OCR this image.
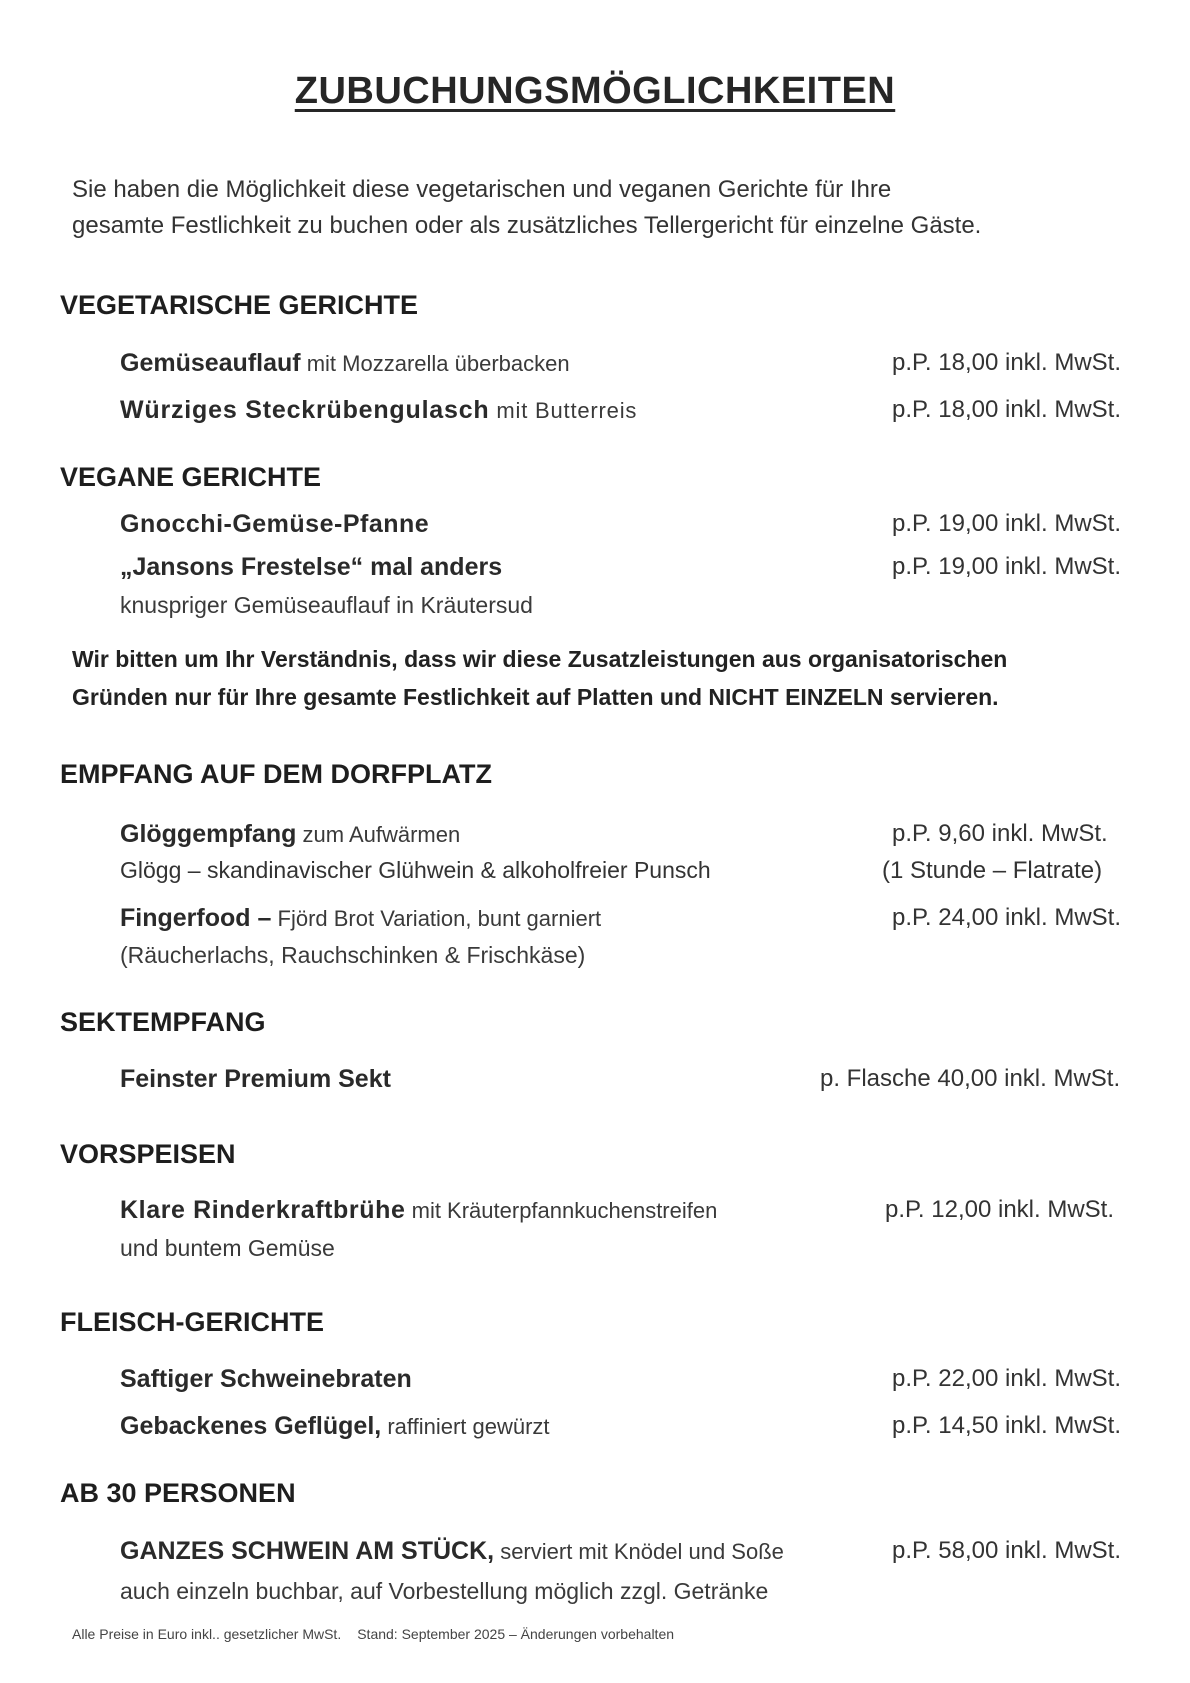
ZUBUCHUNGSMÖGLICHKEITEN
Sie haben die Möglichkeit diese vegetarischen und veganen Gerichte für Ihre
gesamte Festlichkeit zu buchen oder als zusätzliches Tellergericht für einzelne Gäste.
VEGETARISCHE GERICHTE
Gemüseauflauf mit Mozzarella überbacken	p.P. 18,00 inkl. MwSt.
Würziges Steckrübengulasch mit Butterreis	p.P. 18,00 inkl. MwSt.
VEGANE GERICHTE
Gnocchi-Gemüse-Pfanne	p.P. 19,00 inkl. MwSt.
„Jansons Frestelse“ mal anders	p.P. 19,00 inkl. MwSt.
knuspriger Gemüseauflauf in Kräutersud
Wir bitten um Ihr Verständnis, dass wir diese Zusatzleistungen aus organisatorischen
Gründen nur für Ihre gesamte Festlichkeit auf Platten und NICHT EINZELN servieren.
EMPFANG AUF DEM DORFPLATZ
Glöggempfang zum Aufwärmen	p.P. 9,60 inkl. MwSt.
Glögg – skandinavischer Glühwein & alkoholfreier Punsch	(1 Stunde – Flatrate)
Fingerfood – Fjörd Brot Variation, bunt garniert	p.P. 24,00 inkl. MwSt.
(Räucherlachs, Rauchschinken & Frischkäse)
SEKTEMPFANG
Feinster Premium Sekt	p. Flasche 40,00 inkl. MwSt.
VORSPEISEN
Klare Rinderkraftbrühe mit Kräuterpfannkuchenstreifen	p.P. 12,00 inkl. MwSt.
und buntem Gemüse
FLEISCH-GERICHTE
Saftiger Schweinebraten	p.P. 22,00 inkl. MwSt.
Gebackenes Geflügel, raffiniert gewürzt	p.P. 14,50 inkl. MwSt.
AB 30 PERSONEN
GANZES SCHWEIN AM STÜCK, serviert mit Knödel und Soße	p.P. 58,00 inkl. MwSt.
auch einzeln buchbar, auf Vorbestellung möglich zzgl. Getränke
Alle Preise in Euro inkl.. gesetzlicher MwSt. Stand: September 2025 – Änderungen vorbehalten
